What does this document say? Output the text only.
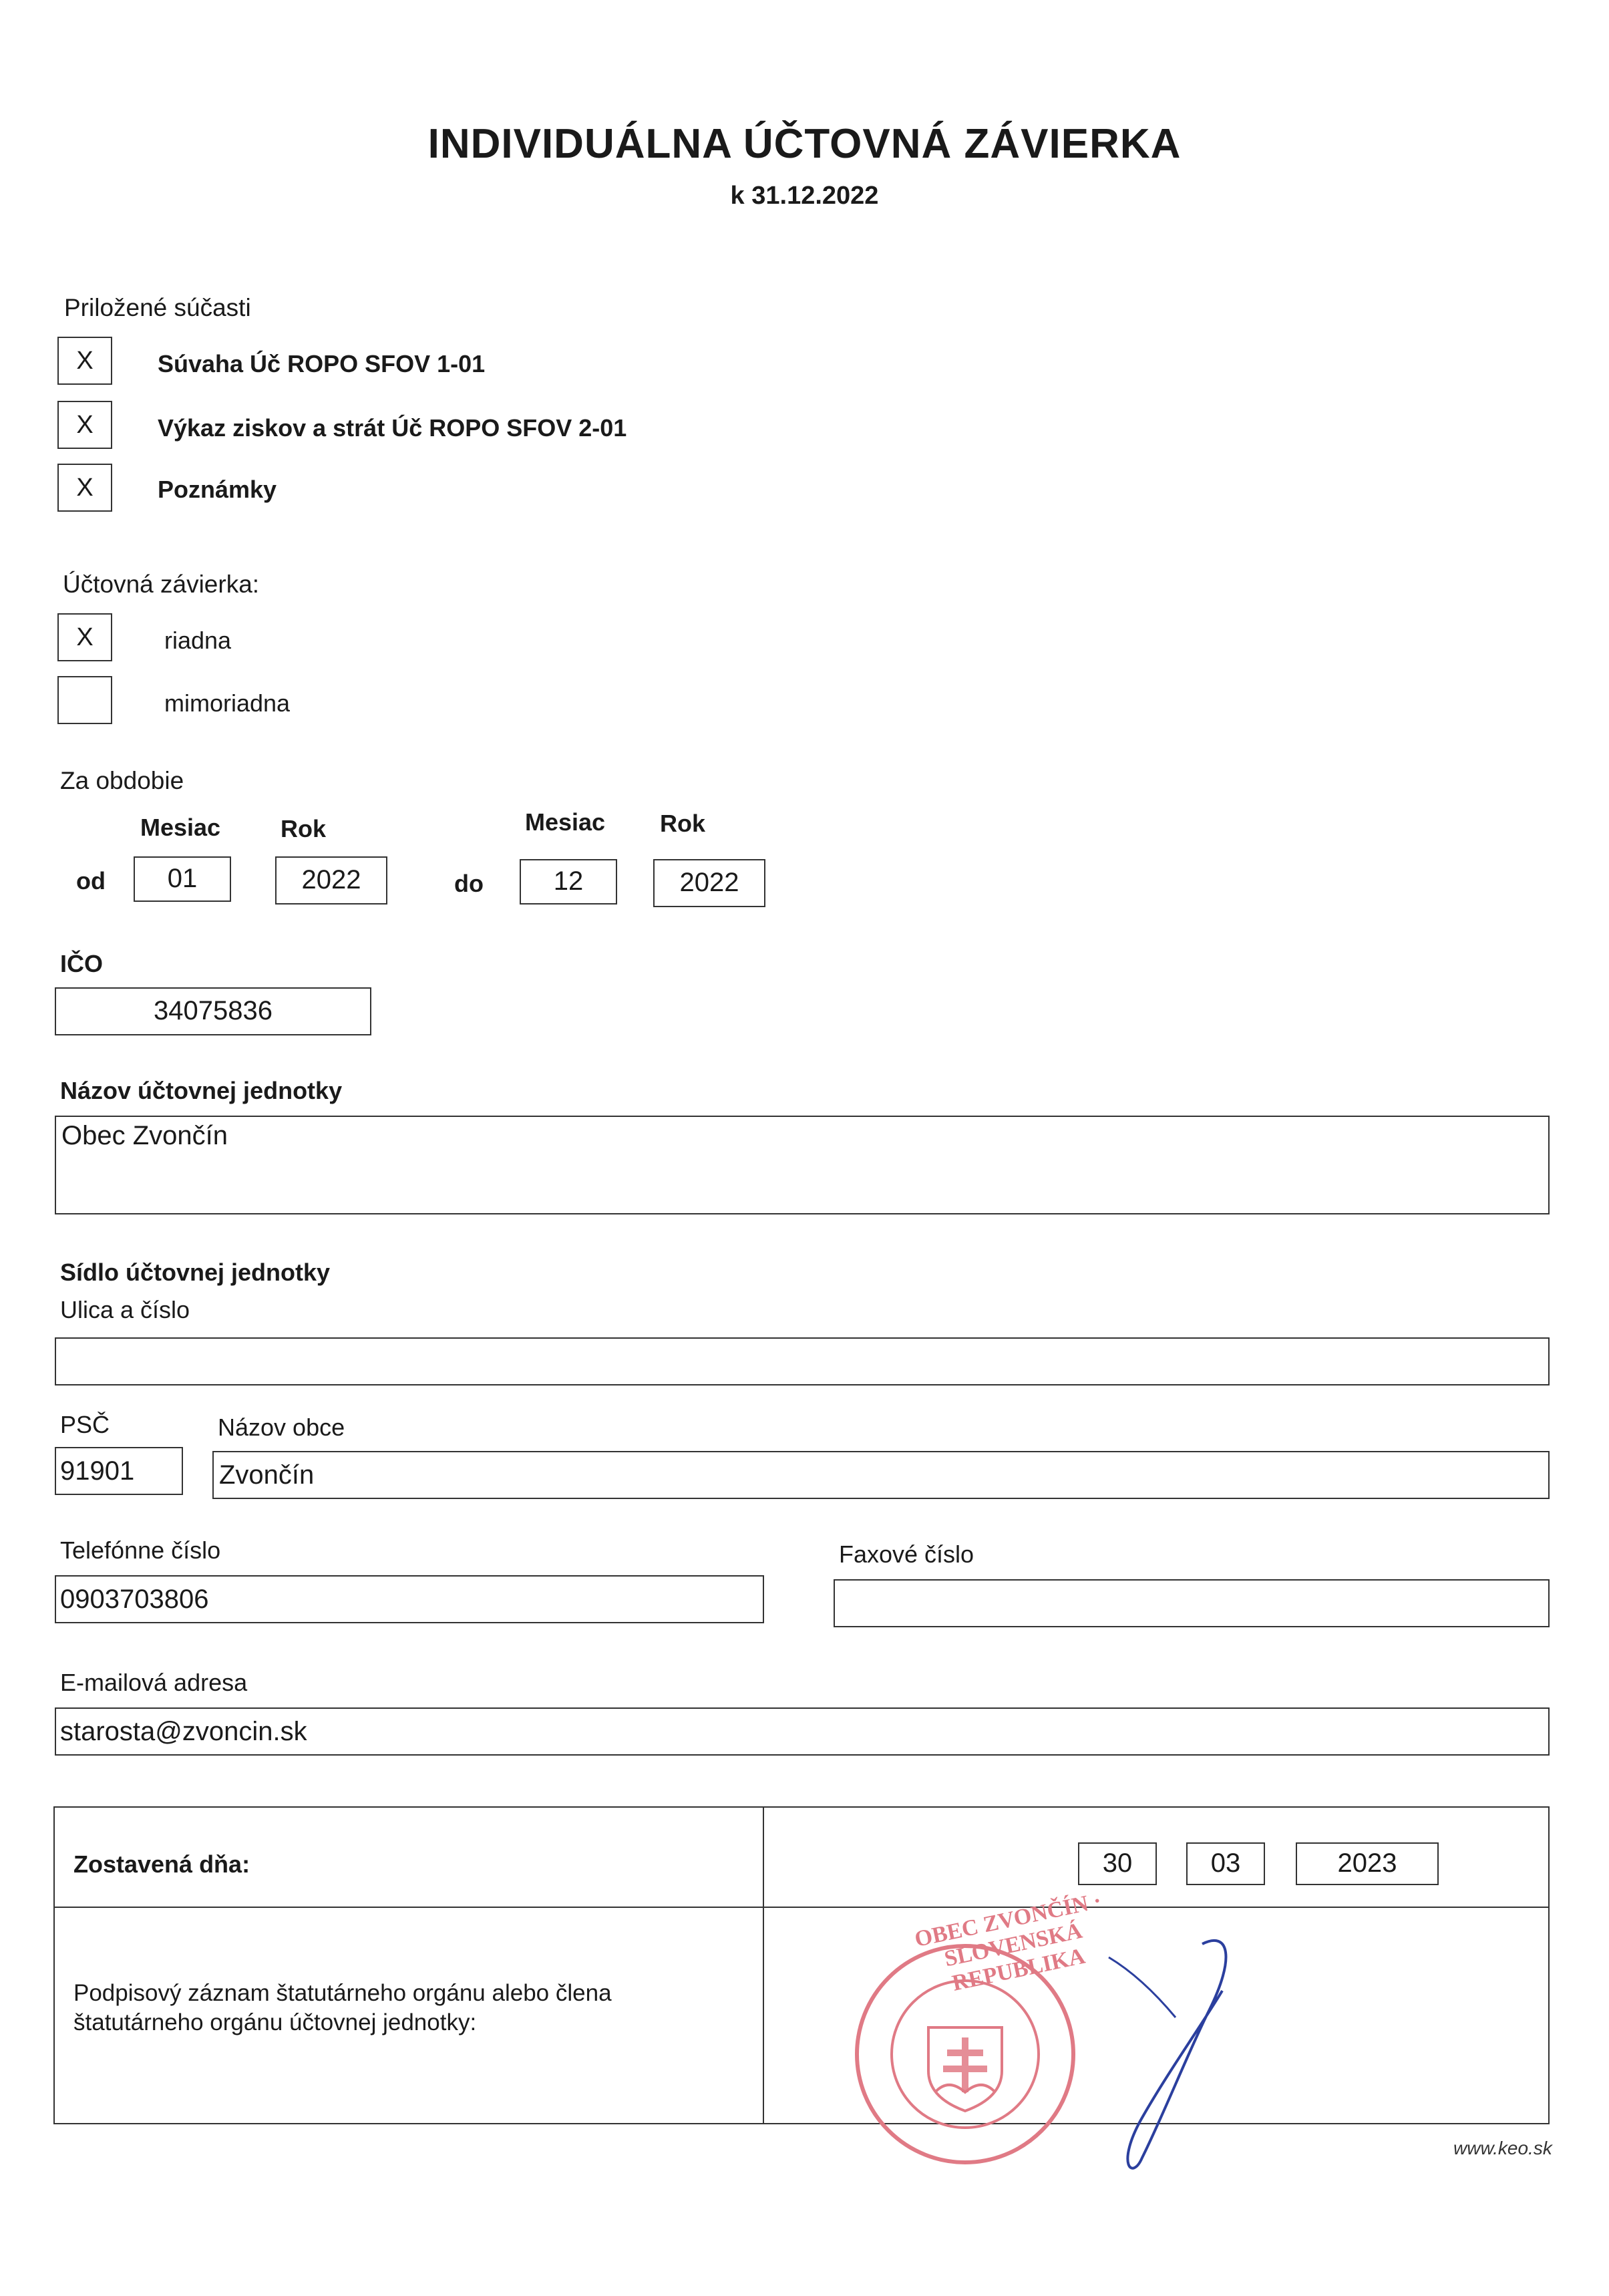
INDIVIDUÁLNA ÚČTOVNÁ ZÁVIERKA
k 31.12.2022
Priložené súčasti
X	Súvaha Úč ROPO SFOV 1-01
X	Výkaz ziskov a strát Úč ROPO SFOV 2-01
X	Poznámky
Účtovná závierka:
X	riadna
mimoriadna
Za obdobie
Mesiac Rok	Mesiac Rok
od	01	2022	do	12	2022
IČO
34075836
Názov účtovnej jednotky
Obec Zvončín
Sídlo účtovnej jednotky
Ulica a číslo
PSČ	Názov obce
91901	Zvončín
Telefónne číslo
0903703806
Faxové číslo
E-mailová adresa
starosta@zvoncin.sk
Zostavená dňa:	30	03	2023
Podpisový záznam štatutárneho orgánu alebo člena štatutárneho orgánu účtovnej jednotky:
OBEC ZVONČÍN · SLOVENSKÁ REPUBLIKA
www.keo.sk
